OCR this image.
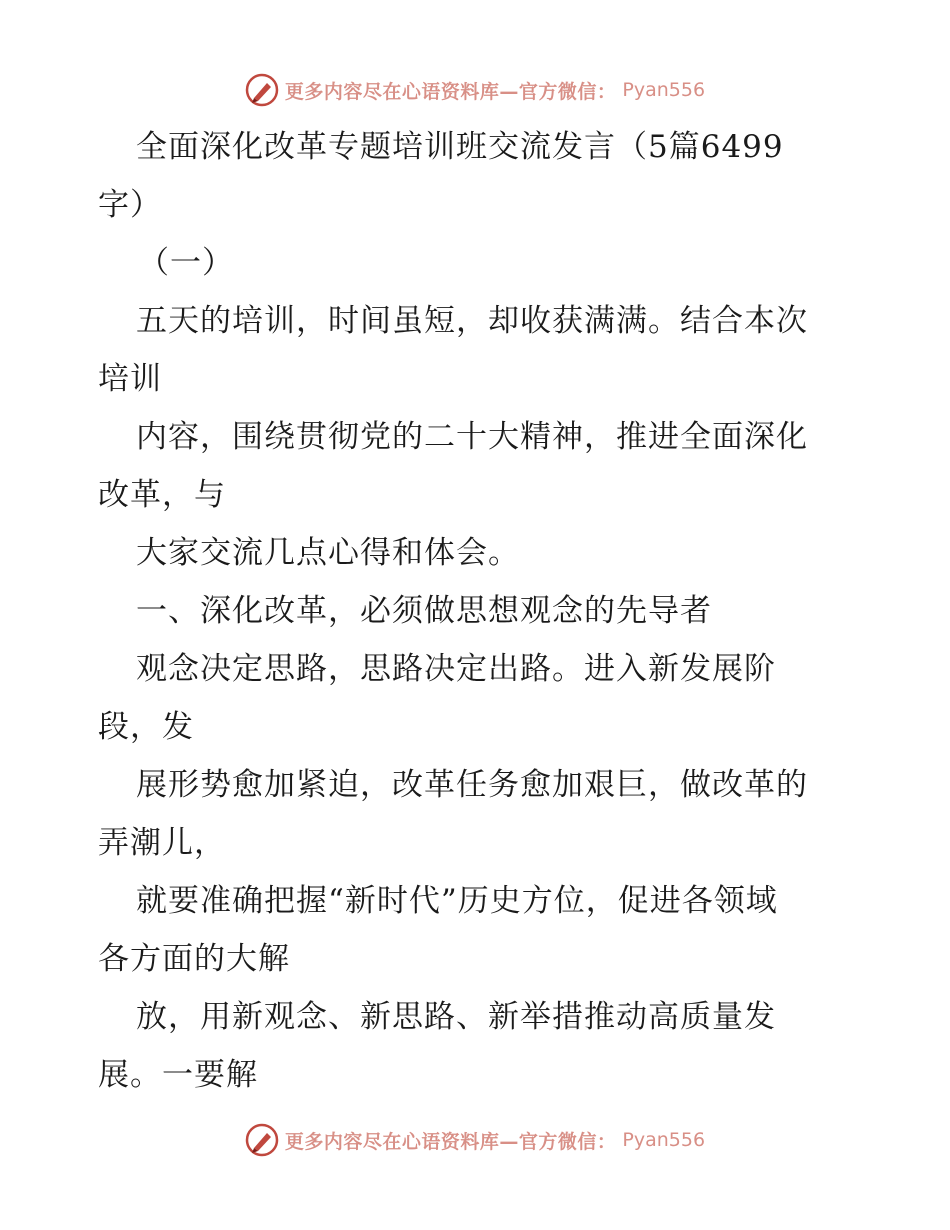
更多内容尽在心语资料库—官方微信： Pyan556

全面深化改革专题培训班交流发言（5篇6499

字）

（一）

五天的培训，时间虽短，却收获满满。结合本次

培训

内容，围绕贯彻党的二十大精神，推进全面深化

改革，与

大家交流几点心得和体会。

一、深化改革，必须做思想观念的先导者

观念决定思路，思路决定出路。进入新发展阶

段，发

展形势愈加紧迫，改革任务愈加艰巨，做改革的

弄潮儿，

就要准确把握“新时代”历史方位，促进各领域

各方面的大解

放，用新观念、新思路、新举措推动高质量发

展。一要解

更多内容尽在心语资料库—官方微信： Pyan556
